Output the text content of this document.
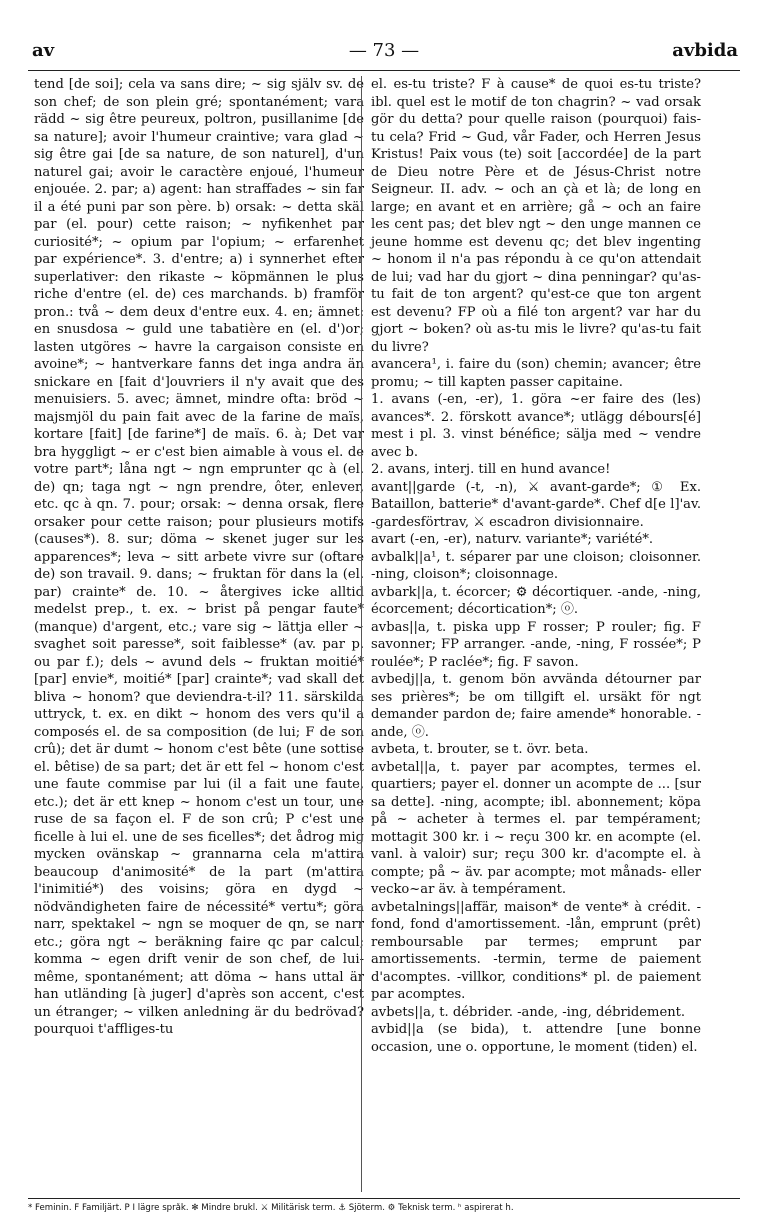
av	— 73 —	avbida

tend [de soi]; cela va sans dire; ~ sig själv sv. de son chef; de son plein gré; spontanément; vara rädd ~ sig être peureux, poltron, pusillanime [de sa nature]; avoir l'humeur craintive; vara glad ~ sig être gai [de sa nature, de son naturel], d'un naturel gai; avoir le caractère enjoué, l'humeur enjouée. 2. par; a) agent: han straffades ~ sin far il a été puni par son père. b) orsak: ~ detta skäl par (el. pour) cette raison; ~ nyfikenhet par curiosité*; ~ opium par l'opium; ~ erfarenhet par expérience*. 3. d'entre; a) i synnerhet efter superlativer: den rikaste ~ köpmännen le plus riche d'entre (el. de) ces marchands. b) framför pron.: två ~ dem deux d'entre eux. 4. en; ämnet: en snusdosa ~ guld une tabatière en (el. d')or; lasten utgöres ~ havre la cargaison consiste en avoine*; ~ hantverkare fanns det inga andra än snickare en [fait d']ouvriers il n'y avait que des menuisiers. 5. avec; ämnet, mindre ofta: bröd ~ majsmjöl du pain fait avec de la farine de maïs, kortare [fait] [de farine*] de maïs. 6. à; Det var bra hyggligt ~ er c'est bien aimable à vous el. de votre part*; låna ngt ~ ngn emprunter qc à (el. de) qn; taga ngt ~ ngn prendre, ôter, enlever, etc. qc à qn. 7. pour; orsak: ~ denna orsak, flere orsaker pour cette raison; pour plusieurs motifs (causes*). 8. sur; döma ~ skenet juger sur les apparences*; leva ~ sitt arbete vivre sur (oftare de) son travail. 9. dans; ~ fruktan för dans la (el. par) crainte* de. 10. ~ återgives icke alltid medelst prep., t. ex. ~ brist på pengar faute* (manque) d'argent, etc.; vare sig ~ lättja eller ~ svaghet soit paresse*, soit faiblesse* (av. par p. ou par f.); dels ~ avund dels ~ fruktan moitié* [par] envie*, moitié* [par] crainte*; vad skall det bliva ~ honom? que deviendra-t-il? 11. särskilda uttryck, t. ex. en dikt ~ honom des vers qu'il a composés el. de sa composition (de lui; F de son crû); det är dumt ~ honom c'est bête (une sottise el. bêtise) de sa part; det är ett fel ~ honom c'est une faute commise par lui (il a fait une faute, etc.); det är ett knep ~ honom c'est un tour, une ruse de sa façon el. F de son crû; P c'est une ficelle à lui el. une de ses ficelles*; det ådrog mig mycken ovänskap ~ grannarna cela m'attira beaucoup d'animosité* de la part (m'attira l'inimitié*) des voisins; göra en dygd ~ nödvändigheten faire de nécessité* vertu*; göra narr, spektakel ~ ngn se moquer de qn, se narr etc.; göra ngt ~ beräkning faire qc par calcul; komma ~ egen drift venir de son chef, de lui-même, spontanément; att döma ~ hans uttal är han utländing [à juger] d'après son accent, c'est un étranger; ~ vilken anledning är du bedrövad? pourquoi t'affliges-tu

el. es-tu triste? F à cause* de quoi es-tu triste? ibl. quel est le motif de ton chagrin? ~ vad orsak gör du detta? pour quelle raison (pourquoi) fais-tu cela? Frid ~ Gud, vår Fader, och Herren Jesus Kristus! Paix vous (te) soit [accordée] de la part de Dieu notre Père et de Jésus-Christ notre Seigneur. II. adv. ~ och an çà et là; de long en large; en avant et en arrière; gå ~ och an faire les cent pas; det blev ngt ~ den unge mannen ce jeune homme est devenu qc; det blev ingenting ~ honom il n'a pas répondu à ce qu'on attendait de lui; vad har du gjort ~ dina penningar? qu'as-tu fait de ton argent? qu'est-ce que ton argent est devenu? FP où a filé ton argent? var har du gjort ~ boken? où as-tu mis le livre? qu'as-tu fait du livre?

avancera¹, i. faire du (son) chemin; avancer; être promu; ~ till kapten passer capitaine.

1. avans (-en, -er), 1. göra ~er faire des (les) avances*. 2. förskott avance*; utlägg débours[é] mest i pl. 3. vinst bénéfice; sälja med ~ vendre avec b.

2. avans, interj. till en hund avance!

avant||garde (-t, -n), ⚔ avant-garde*; ① Ex. Bataillon, batterie* d'avant-garde*. Chef d[e l]'av. -gardesförtrav, ⚔ escadron divisionnaire.

avart (-en, -er), naturv. variante*; variété*.

avbalk||a¹, t. séparer par une cloison; cloisonner. -ning, cloison*; cloisonnage.

avbark||a, t. écorcer; ⚙ décortiquer. -ande, -ning, écorcement; décortication*; ⓞ.

avbas||a, t. piska upp F rosser; P rouler; fig. F savonner; FP arranger. -ande, -ning, F rossée*; P roulée*; P raclée*; fig. F savon.

avbedj||a, t. genom bön avvända détourner par ses prières*; be om tillgift el. ursäkt för ngt demander pardon de; faire amende* honorable. -ande, ⓞ.

avbeta, t. brouter, se t. övr. beta.

avbetal||a, t. payer par acomptes, termes el. quartiers; payer el. donner un acompte de ... [sur sa dette]. -ning, acompte; ibl. abonnement; köpa på ~ acheter à termes el. par tempérament; mottagit 300 kr. i ~ reçu 300 kr. en acompte (el. vanl. à valoir) sur; reçu 300 kr. d'acompte el. à compte; på ~ äv. par acompte; mot månads- eller vecko~ar äv. à tempérament.

avbetalnings||affär, maison* de vente* à crédit. -fond, fond d'amortissement. -lån, emprunt (prêt) remboursable par termes; emprunt par amortissements. -termin, terme de paiement d'acomptes. -villkor, conditions* pl. de paiement par acomptes.

avbets||a, t. débrider. -ande, -ing, débridement.

avbid||a (se bida), t. attendre [une bonne occasion, une o. opportune, le moment (tiden) el.

* Feminin. F Familjärt. P I lägre språk. ✻ Mindre brukl. ⚔ Militärisk term. ⚓ Sjöterm. ⚙ Teknisk term. ʰ aspirerat h.
